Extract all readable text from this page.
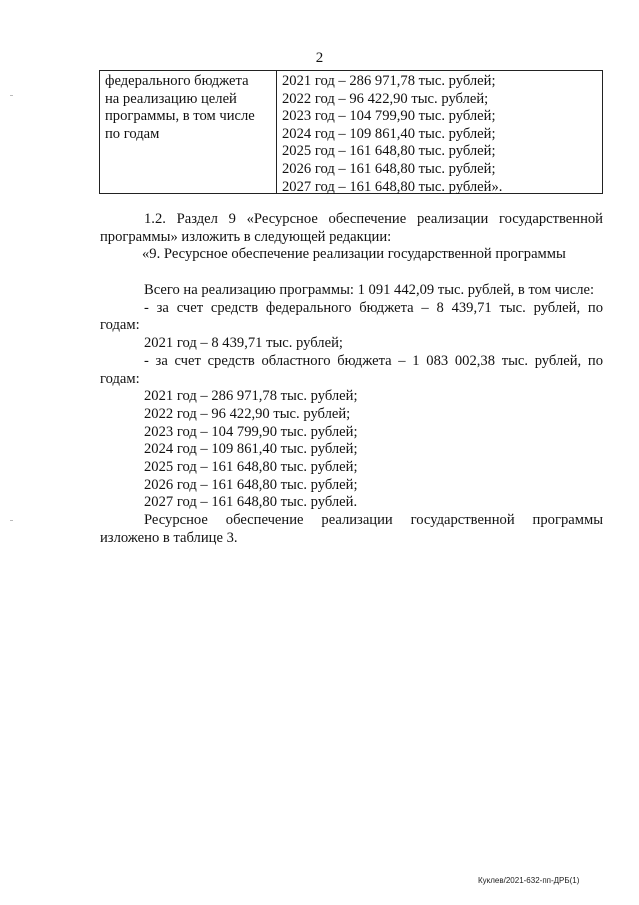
2
федерального бюджета
на реализацию целей
программы, в том числе
по годам
2021 год – 286 971,78 тыс. рублей;
2022 год – 96 422,90 тыс. рублей;
2023 год – 104 799,90 тыс. рублей;
2024 год – 109 861,40 тыс. рублей;
2025 год – 161 648,80 тыс. рублей;
2026 год – 161 648,80 тыс. рублей;
2027 год – 161 648,80 тыс. рублей».
1.2. Раздел 9 «Ресурсное обеспечение реализации государственной
программы» изложить в следующей редакции:
«9. Ресурсное обеспечение реализации государственной программы
Всего на реализацию программы: 1 091 442,09 тыс. рублей, в том числе:
- за счет средств федерального бюджета – 8 439,71 тыс. рублей, по
годам:
2021 год – 8 439,71 тыс. рублей;
- за счет средств областного бюджета – 1 083 002,38 тыс. рублей, по
годам:
2021 год – 286 971,78 тыс. рублей;
2022 год – 96 422,90 тыс. рублей;
2023 год – 104 799,90 тыс. рублей;
2024 год – 109 861,40 тыс. рублей;
2025 год – 161 648,80 тыс. рублей;
2026 год – 161 648,80 тыс. рублей;
2027 год – 161 648,80 тыс. рублей.
Ресурсное обеспечение реализации государственной программы
изложено в таблице 3.
Куклев/2021-632-пп-ДРБ(1)
